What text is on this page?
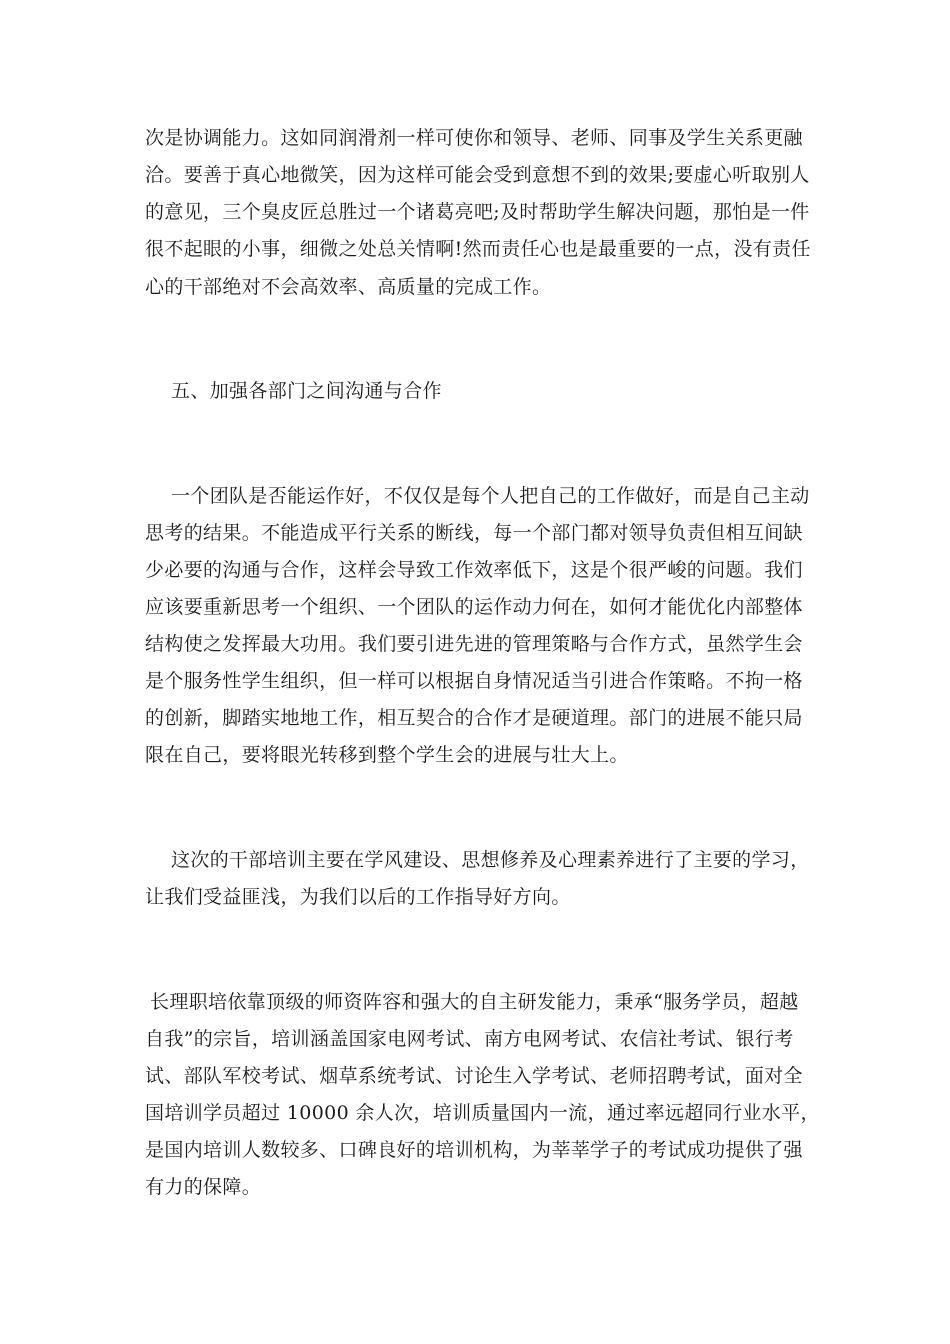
次是协调能力。这如同润滑剂一样可使你和领导、老师、同事及学生关系更融
洽。要善于真心地微笑，因为这样可能会受到意想不到的效果;要虚心听取别人
的意见，三个臭皮匠总胜过一个诸葛亮吧;及时帮助学生解决问题，那怕是一件
很不起眼的小事，细微之处总关情啊!然而责任心也是最重要的一点，没有责任
心的干部绝对不会高效率、高质量的完成工作。
五、加强各部门之间沟通与合作
一个团队是否能运作好，不仅仅是每个人把自己的工作做好，而是自己主动
思考的结果。不能造成平行关系的断线，每一个部门都对领导负责但相互间缺
少必要的沟通与合作，这样会导致工作效率低下，这是个很严峻的问题。我们
应该要重新思考一个组织、一个团队的运作动力何在，如何才能优化内部整体
结构使之发挥最大功用。我们要引进先进的管理策略与合作方式，虽然学生会
是个服务性学生组织，但一样可以根据自身情况适当引进合作策略。不拘一格
的创新，脚踏实地地工作，相互契合的合作才是硬道理。部门的进展不能只局
限在自己，要将眼光转移到整个学生会的进展与壮大上。
这次的干部培训主要在学风建设、思想修养及心理素养进行了主要的学习，
让我们受益匪浅，为我们以后的工作指导好方向。
长理职培依靠顶级的师资阵容和强大的自主研发能力，秉承“服务学员，超越
自我”的宗旨，培训涵盖国家电网考试、南方电网考试、农信社考试、银行考
试、部队军校考试、烟草系统考试、讨论生入学考试、老师招聘考试，面对全
国培训学员超过 10000 余人次，培训质量国内一流，通过率远超同行业水平，
是国内培训人数较多、口碑良好的培训机构，为莘莘学子的考试成功提供了强
有力的保障。
